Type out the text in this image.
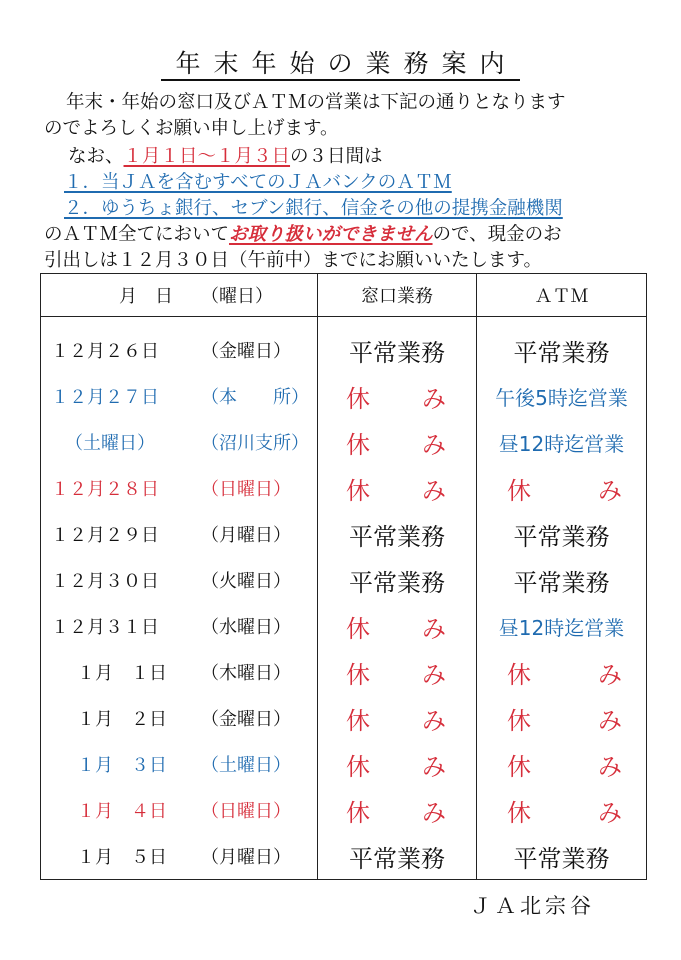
年末年始の業務案内
年末・年始の窓口及びＡＴＭの営業は下記の通りとなります
のでよろしくお願い申し上げます。
なお、１月１日～１月３日の３日間は
１．当ＪＡを含むすべてのＪＡバンクのＡＴＭ
２．ゆうちょ銀行、セブン銀行、信金その他の提携金融機関
のＡＴＭ全てにおいてお取り扱いができませんので、現金のお
引出しは１２月３０日（午前中）までにお願いいたします。
月　日 （曜日）	窓口業務	ＡＴＭ

１２月２６日 （金曜日）	平常業務	平常業務

１２月２７日 （本　　所）	休 み	午後5時迄営業

（土曜日） （沼川支所）	休 み	昼12時迄営業

１２月２８日 （日曜日）	休 み	休 み

１２月２９日 （月曜日）	平常業務	平常業務

１２月３０日 （火曜日）	平常業務	平常業務

１２月３１日 （水曜日）	休 み	昼12時迄営業

１月　１日 （木曜日）	休 み	休 み

１月　２日 （金曜日）	休 み	休 み

１月　３日 （土曜日）	休 み	休 み

１月　４日 （日曜日）	休 み	休 み

１月　５日 （月曜日）	平常業務	平常業務
ＪＡ北宗谷
